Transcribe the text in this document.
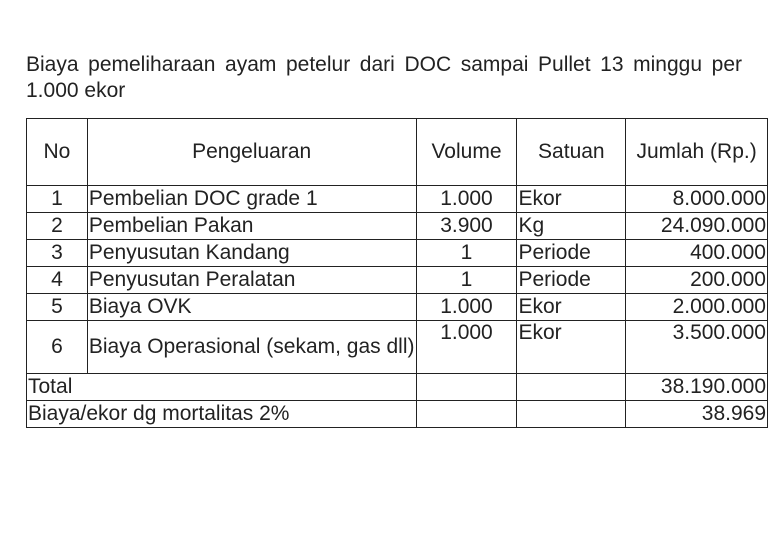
Biaya pemeliharaan ayam petelur dari DOC sampai Pullet 13 minggu per 1.000 ekor
No	Pengeluaran	Volume	Satuan	Jumlah (Rp.)
1	Pembelian DOC grade 1	1.000	Ekor	8.000.000
2	Pembelian Pakan	3.900	Kg	24.090.000
3	Penyusutan Kandang	1	Periode	400.000
4	Penyusutan Peralatan	1	Periode	200.000
5	Biaya OVK	1.000	Ekor	2.000.000
6	Biaya Operasional (sekam, gas dll)	1.000	Ekor	3.500.000
Total				38.190.000
Biaya/ekor dg mortalitas 2%				38.969
